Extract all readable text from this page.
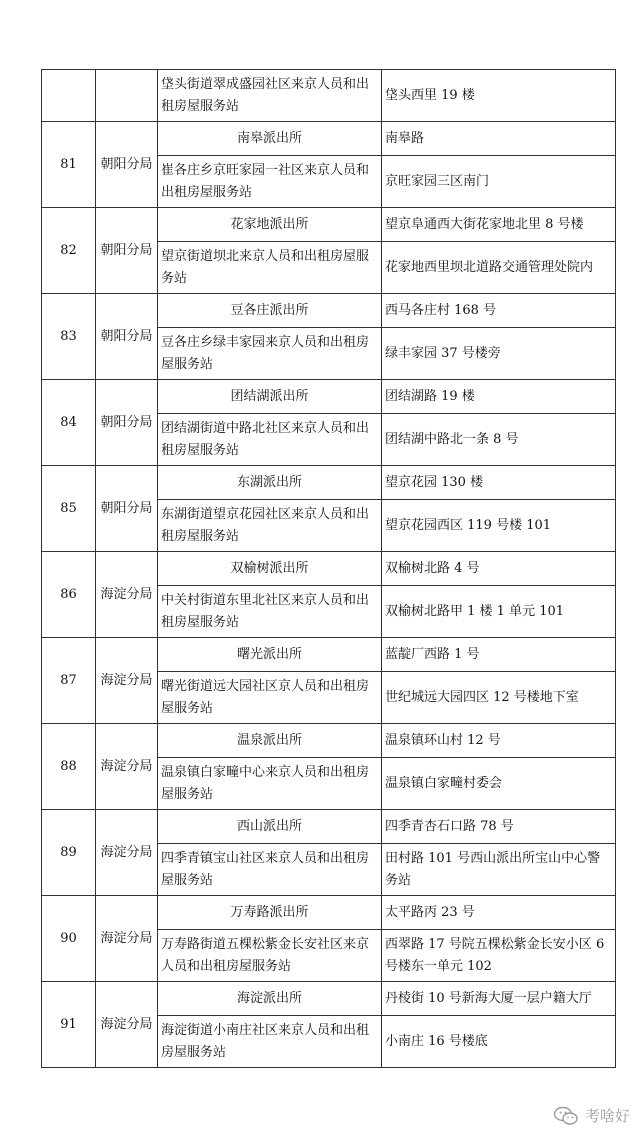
		垡头街道翠成盛园社区来京人员和出租房屋服务站	垡头西里 19 楼
81	朝阳分局	南皋派出所	南皋路
		崔各庄乡京旺家园一社区来京人员和出租房屋服务站	京旺家园三区南门
82	朝阳分局	花家地派出所	望京阜通西大街花家地北里 8 号楼
		望京街道坝北来京人员和出租房屋服务站	花家地西里坝北道路交通管理处院内
83	朝阳分局	豆各庄派出所	西马各庄村 168 号
		豆各庄乡绿丰家园来京人员和出租房屋服务站	绿丰家园 37 号楼旁
84	朝阳分局	团结湖派出所	团结湖路 19 楼
		团结湖街道中路北社区来京人员和出租房屋服务站	团结湖中路北一条 8 号
85	朝阳分局	东湖派出所	望京花园 130 楼
		东湖街道望京花园社区来京人员和出租房屋服务站	望京花园西区 119 号楼 101
86	海淀分局	双榆树派出所	双榆树北路 4 号
		中关村街道东里北社区来京人员和出租房屋服务站	双榆树北路甲 1 楼 1 单元 101
87	海淀分局	曙光派出所	蓝靛厂西路 1 号
		曙光街道远大园社区京人员和出租房屋服务站	世纪城远大园四区 12 号楼地下室
88	海淀分局	温泉派出所	温泉镇环山村 12 号
		温泉镇白家疃中心来京人员和出租房屋服务站	温泉镇白家疃村委会
89	海淀分局	西山派出所	四季青杏石口路 78 号
		四季青镇宝山社区来京人员和出租房屋服务站	田村路 101 号西山派出所宝山中心警务站
90	海淀分局	万寿路派出所	太平路丙 23 号
		万寿路街道五棵松紫金长安社区来京人员和出租房屋服务站	西翠路 17 号院五棵松紫金长安小区 6 号楼东一单元 102
91	海淀分局	海淀派出所	丹棱街 10 号新海大厦一层户籍大厅
		海淀街道小南庄社区来京人员和出租房屋服务站	小南庄 16 号楼底
考啥好
